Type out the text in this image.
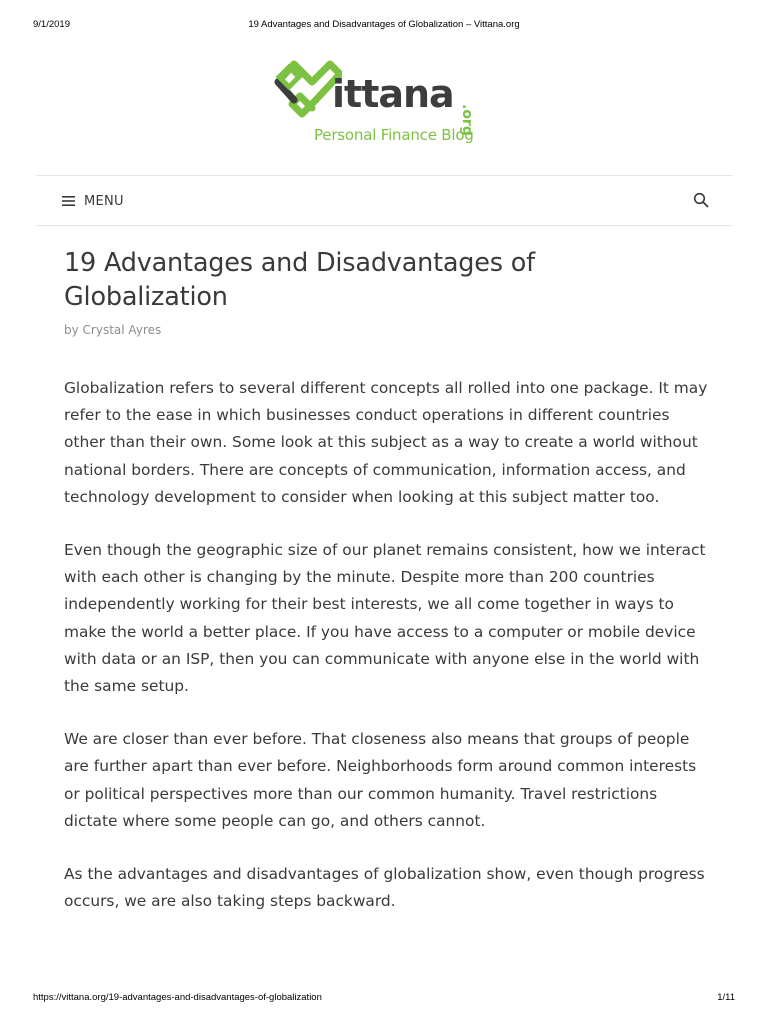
9/1/2019	19 Advantages and Disadvantages of Globalization – Vittana.org
ittana
.org
Personal Finance Blog
MENU
19 Advantages and Disadvantages of Globalization
by Crystal Ayres

Globalization refers to several different concepts all rolled into one package. It may refer to the ease in which businesses conduct operations in different countries other than their own. Some look at this subject as a way to create a world without national borders. There are concepts of communication, information access, and technology development to consider when looking at this subject matter too.

Even though the geographic size of our planet remains consistent, how we interact with each other is changing by the minute. Despite more than 200 countries independently working for their best interests, we all come together in ways to make the world a better place. If you have access to a computer or mobile device with data or an ISP, then you can communicate with anyone else in the world with the same setup.

We are closer than ever before. That closeness also means that groups of people are further apart than ever before. Neighborhoods form around common interests or political perspectives more than our common humanity. Travel restrictions dictate where some people can go, and others cannot.

As the advantages and disadvantages of globalization show, even though progress occurs, we are also taking steps backward.

https://vittana.org/19-advantages-and-disadvantages-of-globalization	1/11
